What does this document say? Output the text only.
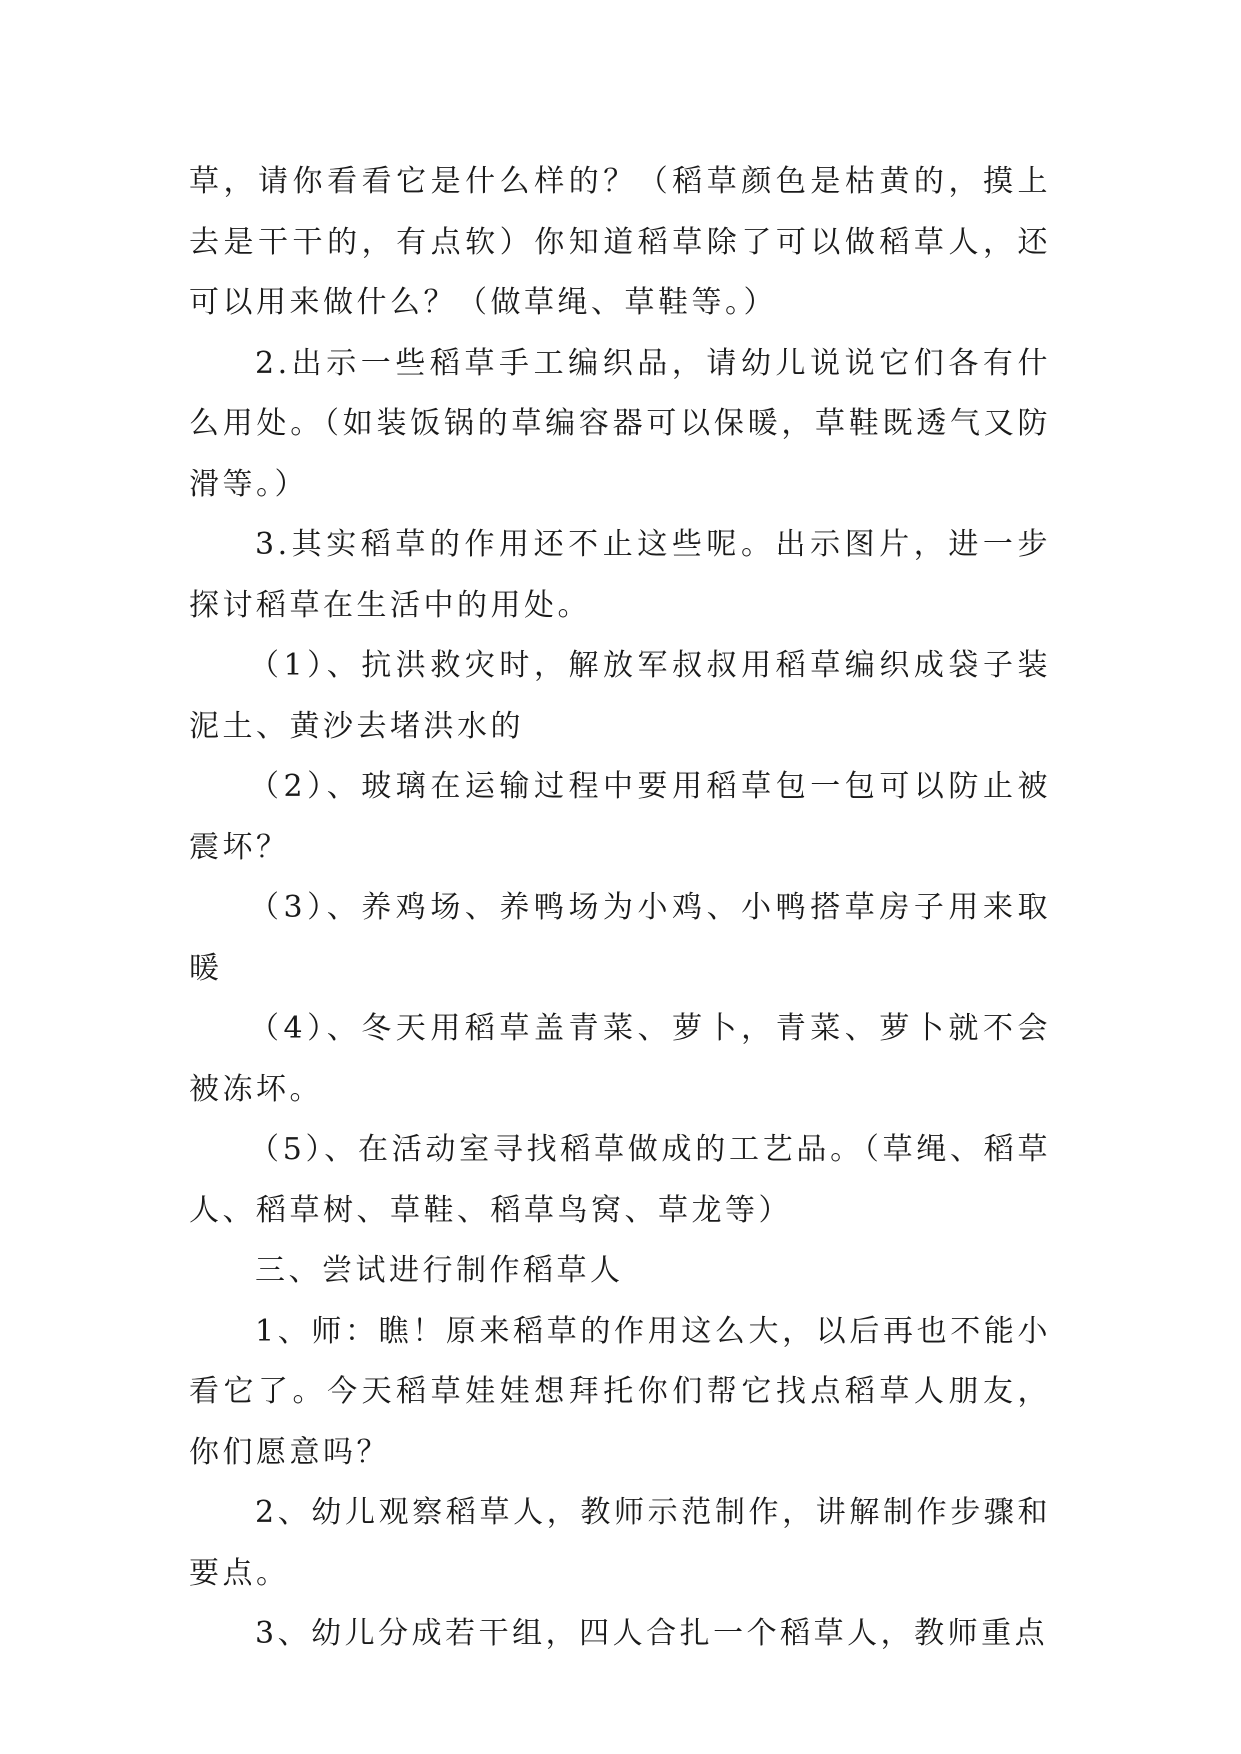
草，请你看看它是什么样的？（稻草颜色是枯黄的，摸上去是干干的，有点软）你知道稻草除了可以做稻草人，还可以用来做什么？（做草绳、草鞋等。）

2.出示一些稻草手工编织品，请幼儿说说它们各有什么用处。（如装饭锅的草编容器可以保暖，草鞋既透气又防滑等。）

3.其实稻草的作用还不止这些呢。出示图片，进一步探讨稻草在生活中的用处。

（1）、抗洪救灾时，解放军叔叔用稻草编织成袋子装泥土、黄沙去堵洪水的

（2）、玻璃在运输过程中要用稻草包一包可以防止被震坏？

（3）、养鸡场、养鸭场为小鸡、小鸭搭草房子用来取暖

（4）、冬天用稻草盖青菜、萝卜，青菜、萝卜就不会被冻坏。

（5）、在活动室寻找稻草做成的工艺品。（草绳、稻草人、稻草树、草鞋、稻草鸟窝、草龙等）

三、尝试进行制作稻草人

1、师：瞧！原来稻草的作用这么大，以后再也不能小看它了。今天稻草娃娃想拜托你们帮它找点稻草人朋友，你们愿意吗？

2、幼儿观察稻草人，教师示范制作，讲解制作步骤和要点。

3、幼儿分成若干组，四人合扎一个稻草人，教师重点
